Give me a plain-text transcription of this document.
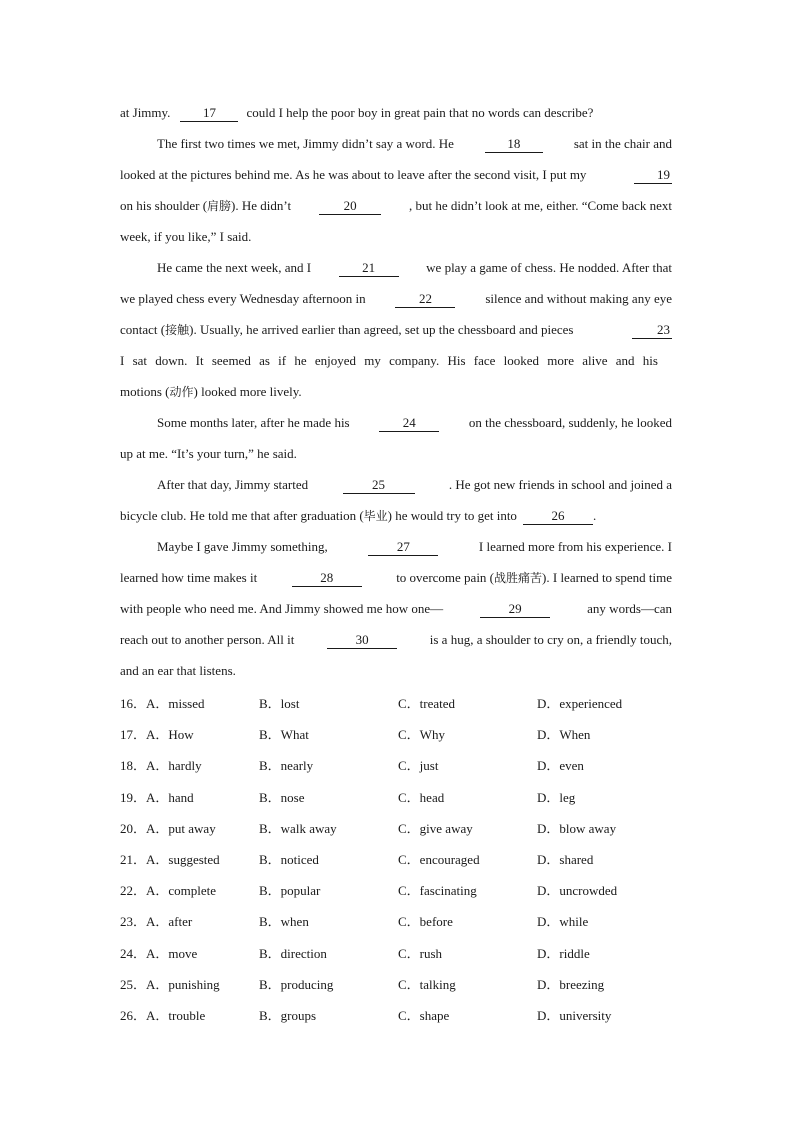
at Jimmy.	17	could I help the poor boy in great pain that no words can describe?
The first two times we met, Jimmy didn’t say a word. He	18	sat in the chair and
looked at the pictures behind me. As he was about to leave after the second visit, I put my	19
on his shoulder (肩膀). He didn’t	20	, but he didn’t look at me, either. “Come back next
week, if you like,” I said.
He came the next week, and I	21	we play a game of chess. He nodded. After that
we played chess every Wednesday afternoon in	22	silence and without making any eye
contact (接触). Usually, he arrived earlier than agreed, set up the chessboard and pieces	23
I sat down. It seemed as if he enjoyed my company. His face looked more alive and his
motions (动作) looked more lively.
Some months later, after he made his	24	on the chessboard, suddenly, he looked
up at me. “It’s your turn,” he said.
After that day, Jimmy started	25	. He got new friends in school and joined a
bicycle club. He told me that after graduation (毕业) he would try to get into	26	.
Maybe I gave Jimmy something,	27	I learned more from his experience. I
learned how time makes it	28	to overcome pain (战胜痛苦). I learned to spend time
with people who need me. And Jimmy showed me how one—	29	any words—can
reach out to another person. All it	30	is a hug, a shoulder to cry on, a friendly touch,
and an ear that listens.
16．A．missed	B．lost	C．treated	D．experienced
17．A．How	B．What	C．Why	D．When
18．A．hardly	B．nearly	C．just	D．even
19．A．hand	B．nose	C．head	D．leg
20．A．put away	B．walk away	C．give away	D．blow away
21．A．suggested	B．noticed	C．encouraged	D．shared
22．A．complete	B．popular	C．fascinating	D．uncrowded
23．A．after	B．when	C．before	D．while
24．A．move	B．direction	C．rush	D．riddle
25．A．punishing	B．producing	C．talking	D．breezing
26．A．trouble	B．groups	C．shape	D．university
